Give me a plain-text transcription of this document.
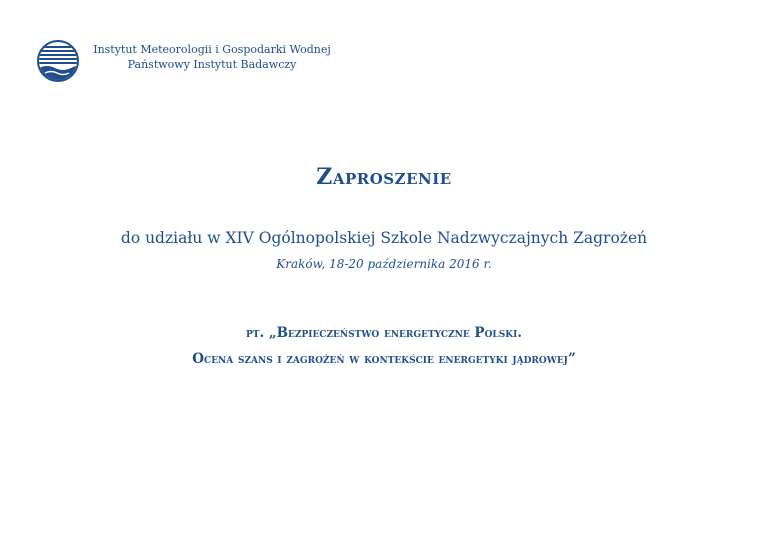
Instytut Meteorologii i Gospodarki Wodnej
Państwowy Instytut Badawczy
Zaproszenie
do udziału w XIV Ogólnopolskiej Szkole Nadzwyczajnych Zagrożeń
Kraków, 18-20 października 2016 r.
pt. „Bezpieczeństwo energetyczne Polski.
Ocena szans i zagrożeń w kontekście energetyki jądrowej”
